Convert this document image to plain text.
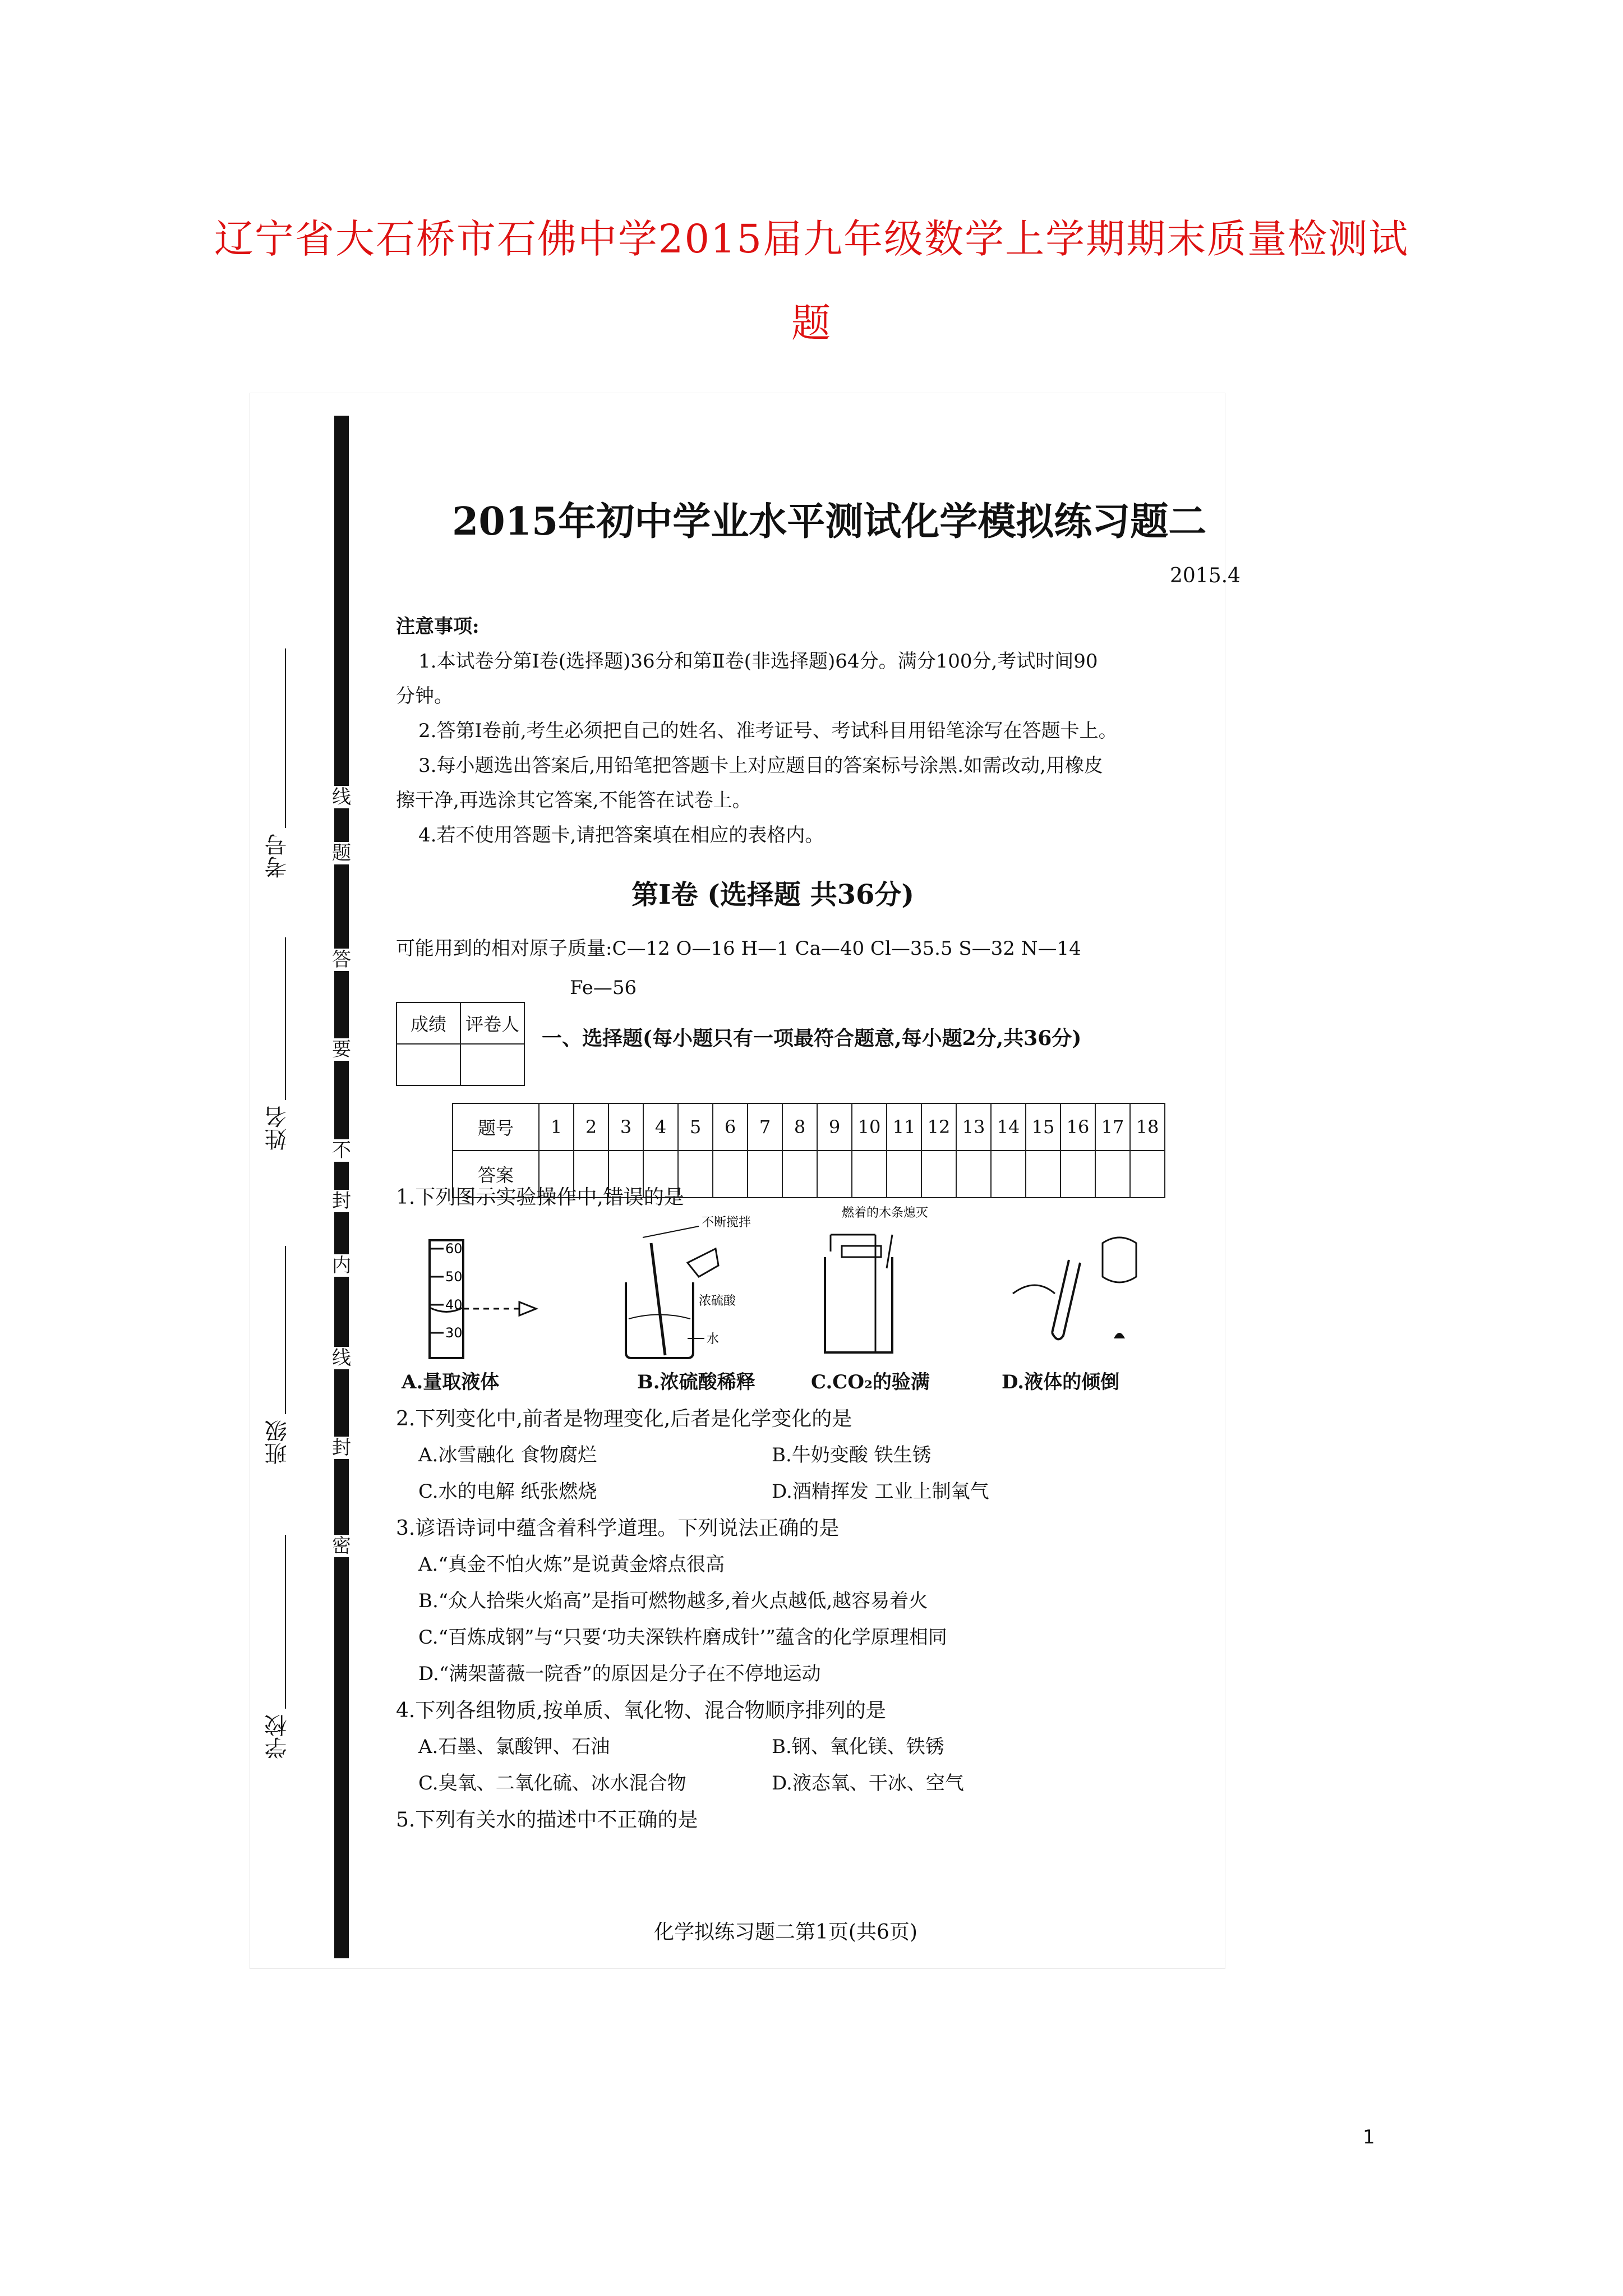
辽宁省大石桥市石佛中学2015届九年级数学上学期期末质量检测试
题
线
题
答
要
不
封
内
线
封
密
考号
姓名
班级
学校
2015年初中学业水平测试化学模拟练习题二
2015.4

注意事项:

1.本试卷分第Ⅰ卷(选择题)36分和第Ⅱ卷(非选择题)64分。满分100分,考试时间90

分钟。

2.答第Ⅰ卷前,考生必须把自己的姓名、准考证号、考试科目用铅笔涂写在答题卡上。

3.每小题选出答案后,用铅笔把答题卡上对应题目的答案标号涂黑.如需改动,用橡皮

擦干净,再选涂其它答案,不能答在试卷上。

4.若不使用答题卡,请把答案填在相应的表格内。

第Ⅰ卷 (选择题 共36分)
可能用到的相对原子质量:C—12 O—16 H—1 Ca—40 Cl—35.5 S—32 N—14
Fe—56
成绩	评卷人

一、选择题(每小题只有一项最符合题意,每小题2分,共36分)
题号	1	2	3	4	5	6	7	8	9	10	11	12	13	14	15	16	17	18
答案																		
1.下列图示实验操作中,错误的是
60
50
40
30
A.量取液体
不断搅拌
浓硫酸
水
B.浓硫酸稀释
燃着的木条熄灭
C.CO₂的验满	D.液体的倾倒
2.下列变化中,前者是物理变化,后者是化学变化的是
A.冰雪融化 食物腐烂	B.牛奶变酸 铁生锈
C.水的电解 纸张燃烧	D.酒精挥发 工业上制氧气
3.谚语诗词中蕴含着科学道理。下列说法正确的是
A.“真金不怕火炼”是说黄金熔点很高
B.“众人拾柴火焰高”是指可燃物越多,着火点越低,越容易着火
C.“百炼成钢”与“只要‘功夫深铁杵磨成针’”蕴含的化学原理相同
D.“满架蔷薇一院香”的原因是分子在不停地运动
4.下列各组物质,按单质、氧化物、混合物顺序排列的是
A.石墨、氯酸钾、石油	B.钢、氧化镁、铁锈
C.臭氧、二氧化硫、冰水混合物	D.液态氧、干冰、空气
5.下列有关水的描述中不正确的是
化学拟练习题二第1页(共6页)
1
